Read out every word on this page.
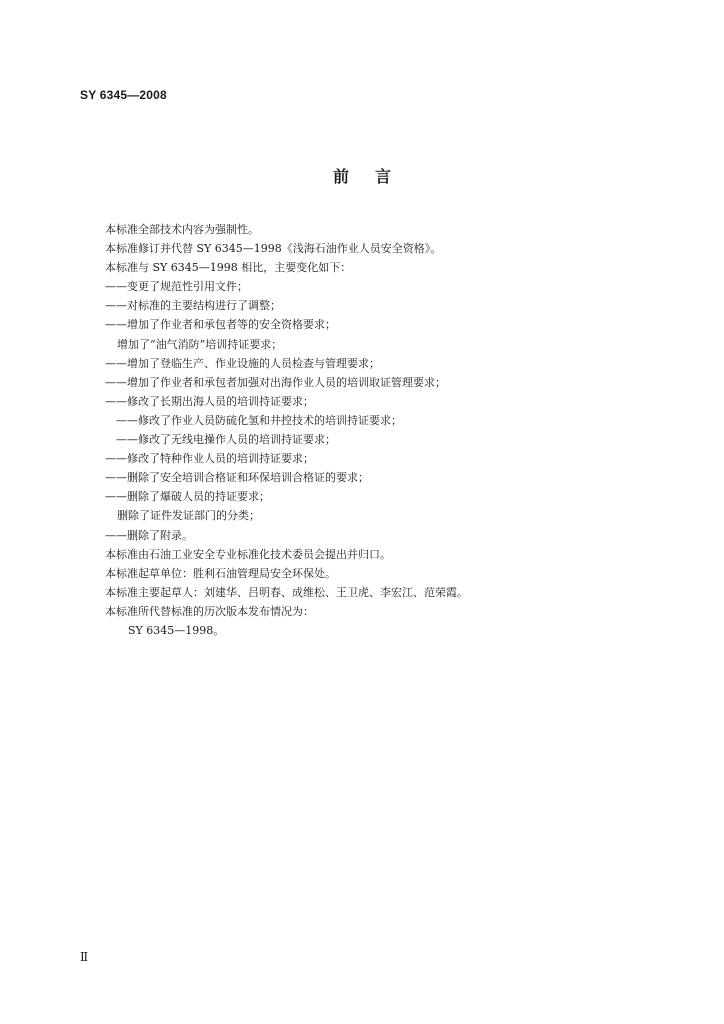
SY 6345—2008
前言
本标准全部技术内容为强制性。
本标准修订并代替 SY 6345—1998《浅海石油作业人员安全资格》。
本标准与 SY 6345—1998 相比，主要变化如下：
——变更了规范性引用文件；
——对标准的主要结构进行了调整；
——增加了作业者和承包者等的安全资格要求；
增加了“油气消防”培训持证要求；
——增加了登临生产、作业设施的人员检查与管理要求；
——增加了作业者和承包者加强对出海作业人员的培训取证管理要求；
——修改了长期出海人员的培训持证要求；
——修改了作业人员防硫化氢和井控技术的培训持证要求；
——修改了无线电操作人员的培训持证要求；
——修改了特种作业人员的培训持证要求；
——删除了安全培训合格证和环保培训合格证的要求；
——删除了爆破人员的持证要求；
删除了证件发证部门的分类；
——删除了附录。
本标准由石油工业安全专业标准化技术委员会提出并归口。
本标准起草单位：胜利石油管理局安全环保处。
本标准主要起草人：刘建华、吕明春、成维松、王卫虎、李宏江、范荣霞。
本标准所代替标准的历次版本发布情况为：
SY 6345—1998。
Ⅱ
